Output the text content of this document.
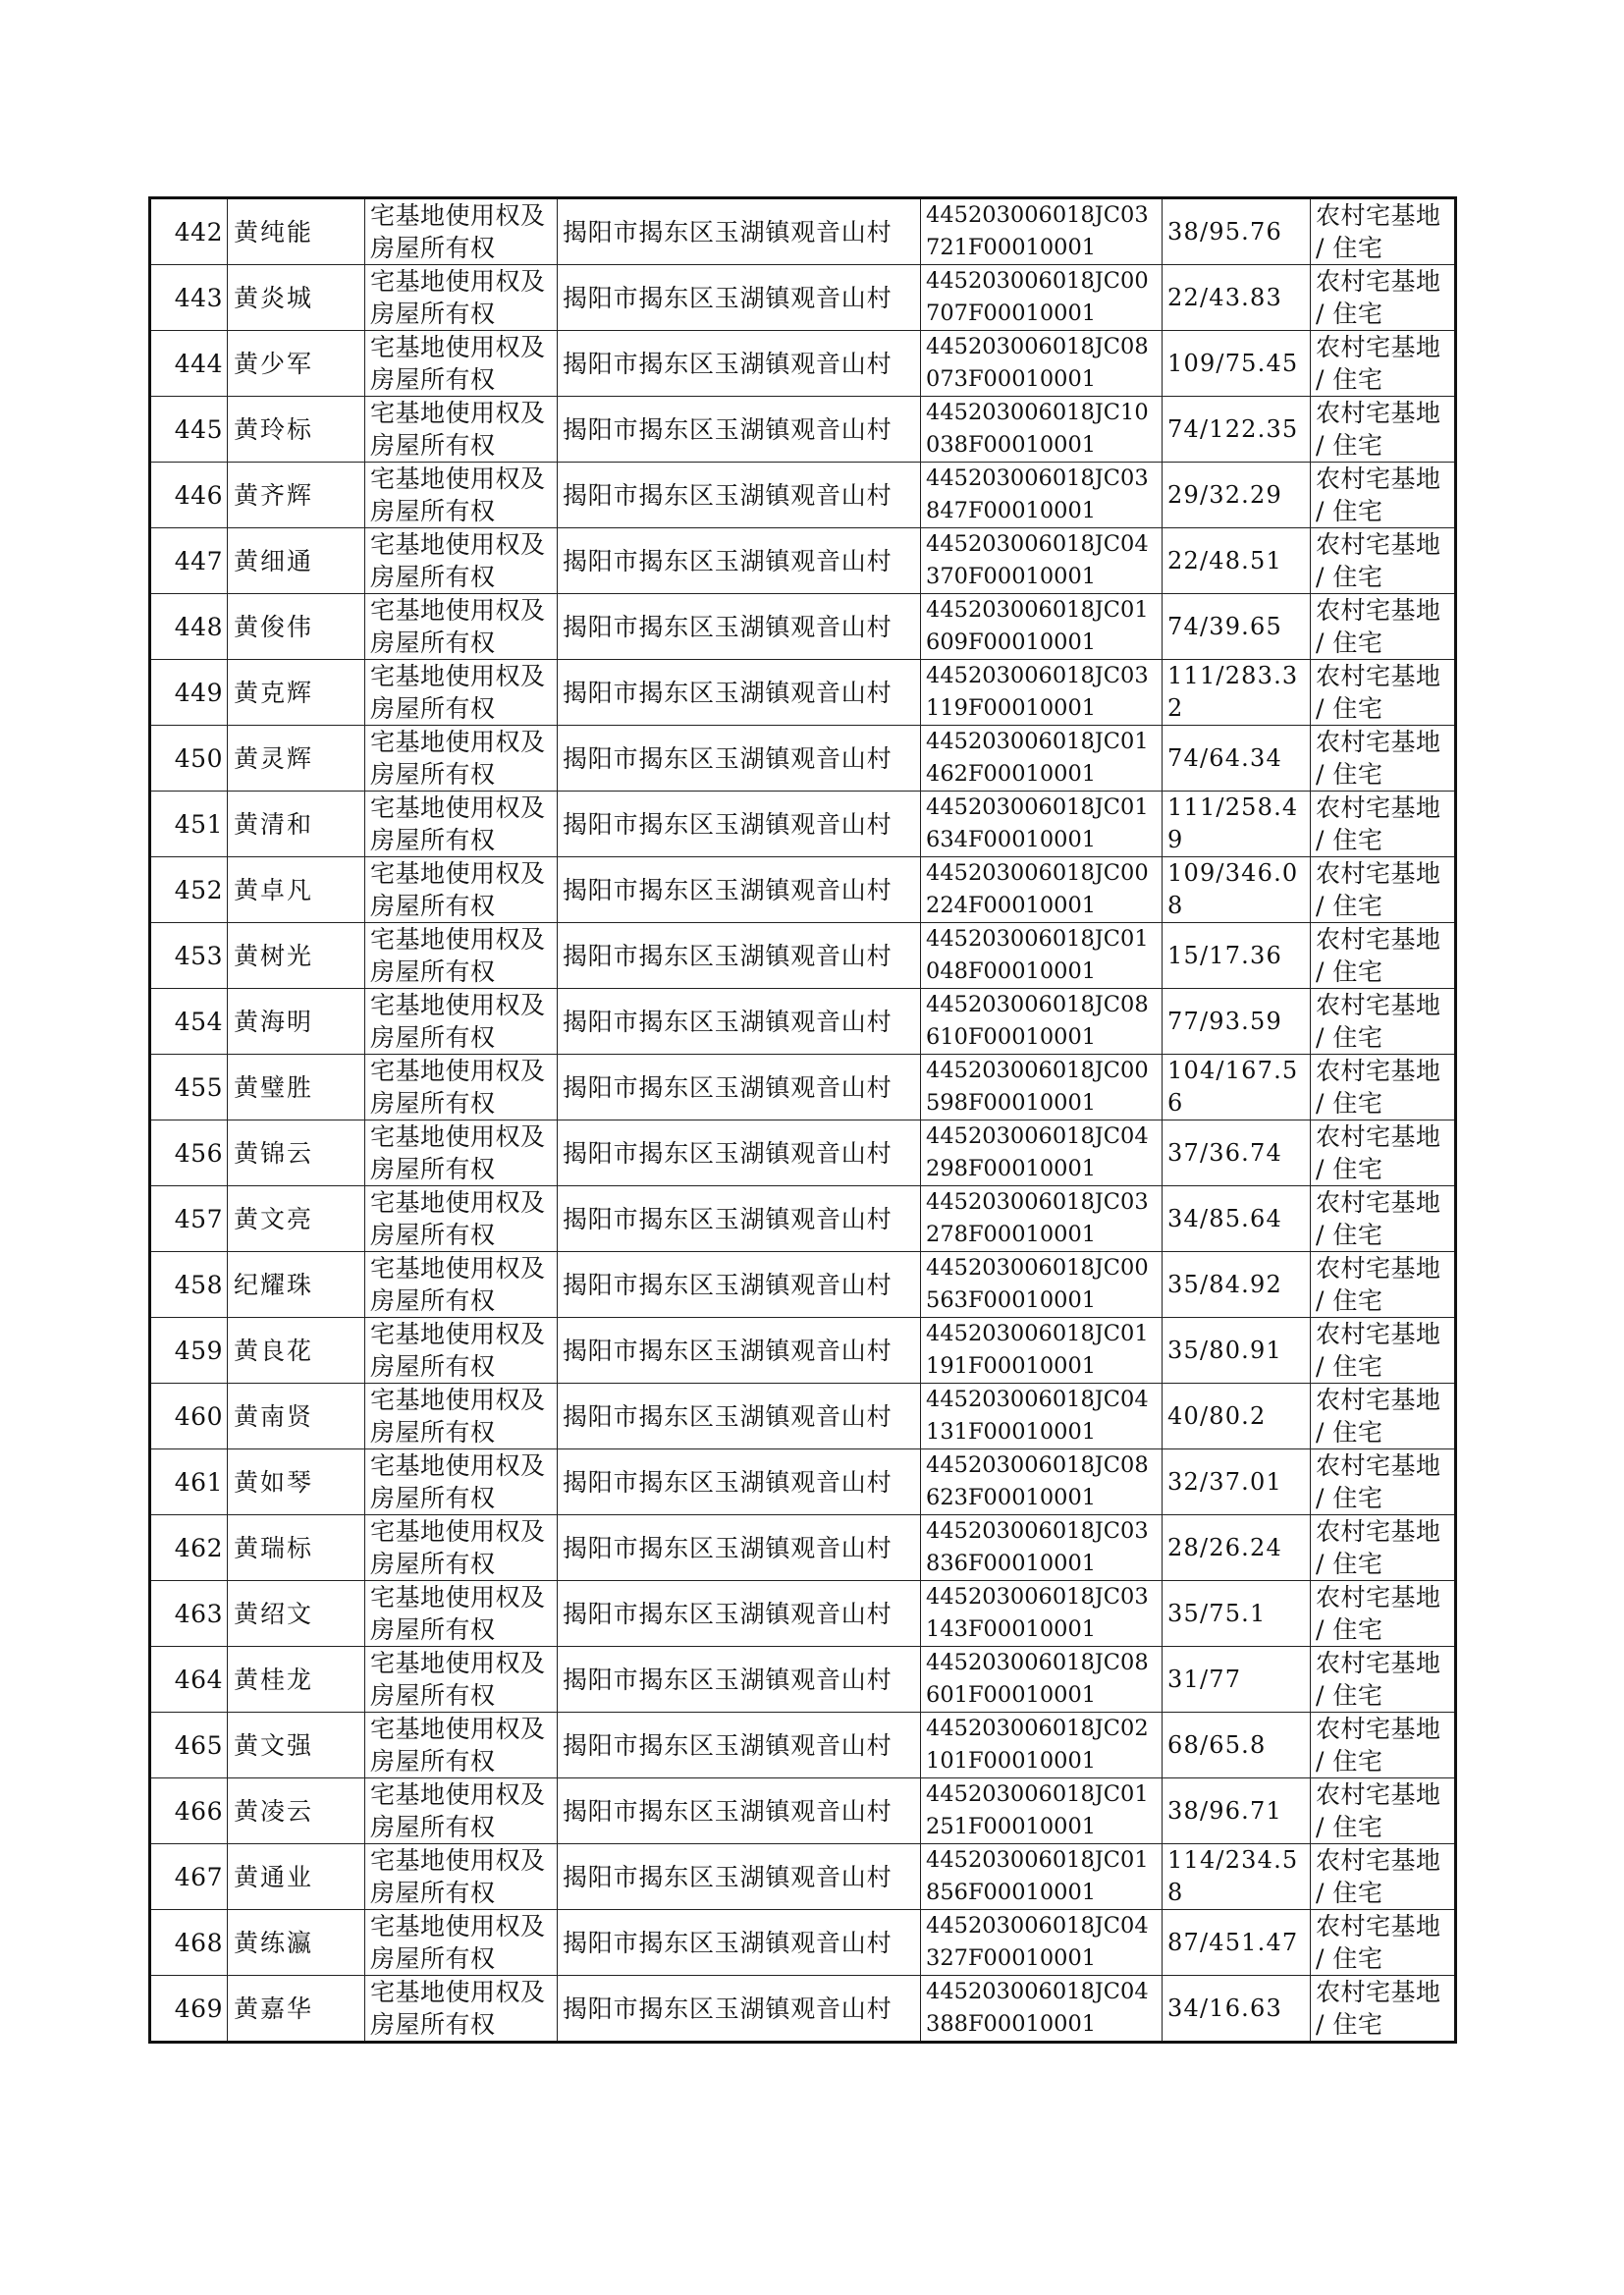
442	黄纯能	宅基地使用权及房屋所有权	揭阳市揭东区玉湖镇观音山村	445203006018JC03721F00010001	38/95.76	农村宅基地 / 住宅
443	黄炎城	宅基地使用权及房屋所有权	揭阳市揭东区玉湖镇观音山村	445203006018JC00707F00010001	22/43.83	农村宅基地 / 住宅
444	黄少军	宅基地使用权及房屋所有权	揭阳市揭东区玉湖镇观音山村	445203006018JC08073F00010001	109/75.45	农村宅基地 / 住宅
445	黄玲标	宅基地使用权及房屋所有权	揭阳市揭东区玉湖镇观音山村	445203006018JC10038F00010001	74/122.35	农村宅基地 / 住宅
446	黄齐辉	宅基地使用权及房屋所有权	揭阳市揭东区玉湖镇观音山村	445203006018JC03847F00010001	29/32.29	农村宅基地 / 住宅
447	黄细通	宅基地使用权及房屋所有权	揭阳市揭东区玉湖镇观音山村	445203006018JC04370F00010001	22/48.51	农村宅基地 / 住宅
448	黄俊伟	宅基地使用权及房屋所有权	揭阳市揭东区玉湖镇观音山村	445203006018JC01609F00010001	74/39.65	农村宅基地 / 住宅
449	黄克辉	宅基地使用权及房屋所有权	揭阳市揭东区玉湖镇观音山村	445203006018JC03119F00010001	111/283.32	农村宅基地 / 住宅
450	黄灵辉	宅基地使用权及房屋所有权	揭阳市揭东区玉湖镇观音山村	445203006018JC01462F00010001	74/64.34	农村宅基地 / 住宅
451	黄清和	宅基地使用权及房屋所有权	揭阳市揭东区玉湖镇观音山村	445203006018JC01634F00010001	111/258.49	农村宅基地 / 住宅
452	黄卓凡	宅基地使用权及房屋所有权	揭阳市揭东区玉湖镇观音山村	445203006018JC00224F00010001	109/346.08	农村宅基地 / 住宅
453	黄树光	宅基地使用权及房屋所有权	揭阳市揭东区玉湖镇观音山村	445203006018JC01048F00010001	15/17.36	农村宅基地 / 住宅
454	黄海明	宅基地使用权及房屋所有权	揭阳市揭东区玉湖镇观音山村	445203006018JC08610F00010001	77/93.59	农村宅基地 / 住宅
455	黄璧胜	宅基地使用权及房屋所有权	揭阳市揭东区玉湖镇观音山村	445203006018JC00598F00010001	104/167.56	农村宅基地 / 住宅
456	黄锦云	宅基地使用权及房屋所有权	揭阳市揭东区玉湖镇观音山村	445203006018JC04298F00010001	37/36.74	农村宅基地 / 住宅
457	黄文亮	宅基地使用权及房屋所有权	揭阳市揭东区玉湖镇观音山村	445203006018JC03278F00010001	34/85.64	农村宅基地 / 住宅
458	纪耀珠	宅基地使用权及房屋所有权	揭阳市揭东区玉湖镇观音山村	445203006018JC00563F00010001	35/84.92	农村宅基地 / 住宅
459	黄良花	宅基地使用权及房屋所有权	揭阳市揭东区玉湖镇观音山村	445203006018JC01191F00010001	35/80.91	农村宅基地 / 住宅
460	黄南贤	宅基地使用权及房屋所有权	揭阳市揭东区玉湖镇观音山村	445203006018JC04131F00010001	40/80.2	农村宅基地 / 住宅
461	黄如琴	宅基地使用权及房屋所有权	揭阳市揭东区玉湖镇观音山村	445203006018JC08623F00010001	32/37.01	农村宅基地 / 住宅
462	黄瑞标	宅基地使用权及房屋所有权	揭阳市揭东区玉湖镇观音山村	445203006018JC03836F00010001	28/26.24	农村宅基地 / 住宅
463	黄绍文	宅基地使用权及房屋所有权	揭阳市揭东区玉湖镇观音山村	445203006018JC03143F00010001	35/75.1	农村宅基地 / 住宅
464	黄桂龙	宅基地使用权及房屋所有权	揭阳市揭东区玉湖镇观音山村	445203006018JC08601F00010001	31/77	农村宅基地 / 住宅
465	黄文强	宅基地使用权及房屋所有权	揭阳市揭东区玉湖镇观音山村	445203006018JC02101F00010001	68/65.8	农村宅基地 / 住宅
466	黄凌云	宅基地使用权及房屋所有权	揭阳市揭东区玉湖镇观音山村	445203006018JC01251F00010001	38/96.71	农村宅基地 / 住宅
467	黄通业	宅基地使用权及房屋所有权	揭阳市揭东区玉湖镇观音山村	445203006018JC01856F00010001	114/234.58	农村宅基地 / 住宅
468	黄练瀛	宅基地使用权及房屋所有权	揭阳市揭东区玉湖镇观音山村	445203006018JC04327F00010001	87/451.47	农村宅基地 / 住宅
469	黄嘉华	宅基地使用权及房屋所有权	揭阳市揭东区玉湖镇观音山村	445203006018JC04388F00010001	34/16.63	农村宅基地 / 住宅
